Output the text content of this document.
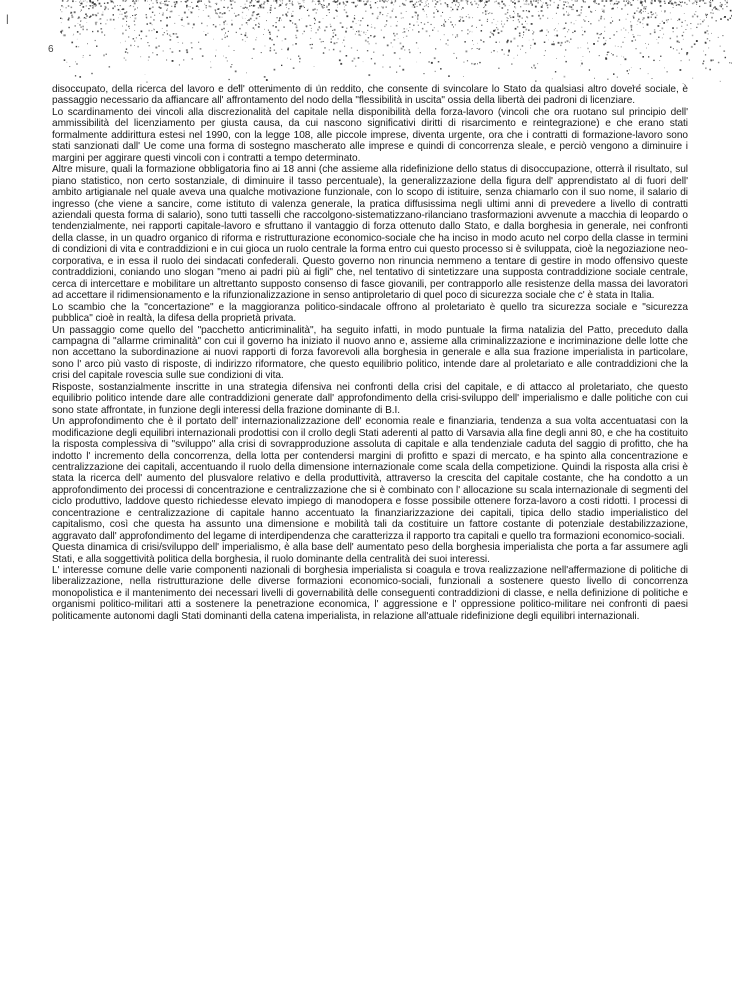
|
6

disoccupato, della ricerca del lavoro e dell' ottenimento di un reddito, che consente di svincolare lo Stato da qualsiasi altro dovere sociale, è passaggio necessario da affiancare all' affrontamento del nodo della "flessibilità in uscita" ossia della libertà dei padroni di licenziare.

Lo scardinamento dei vincoli alla discrezionalità del capitale nella disponibilità della forza-lavoro (vincoli che ora ruotano sul principio dell' ammissibilità del licenziamento per giusta causa, da cui nascono significativi diritti di risarcimento e reintegrazione) e che erano stati formalmente addirittura estesi nel 1990, con la legge 108, alle piccole imprese, diventa urgente, ora che i contratti di formazione-lavoro sono stati sanzionati dall' Ue come una forma di sostegno mascherato alle imprese e quindi di concorrenza sleale, e perciò vengono a diminuire i margini per aggirare questi vincoli con i contratti a tempo determinato.

Altre misure, quali la formazione obbligatoria fino ai 18 anni (che assieme alla ridefinizione dello status di disoccupazione, otterrà il risultato, sul piano statistico, non certo sostanziale, di diminuire il tasso percentuale), la generalizzazione della figura dell' apprendistato al di fuori dell' ambito artigianale nel quale aveva una qualche motivazione funzionale, con lo scopo di istituire, senza chiamarlo con il suo nome, il salario di ingresso (che viene a sancire, come istituto di valenza generale, la pratica diffusissima negli ultimi anni di prevedere a livello di contratti aziendali questa forma di salario), sono tutti tasselli che raccolgono-sistematizzano-rilanciano trasformazioni avvenute a macchia di leopardo o tendenzialmente, nei rapporti capitale-lavoro e sfruttano il vantaggio di forza ottenuto dallo Stato, e dalla borghesia in generale, nei confronti della classe, in un quadro organico di riforma e ristrutturazione economico-sociale che ha inciso in modo acuto nel corpo della classe in termini di condizioni di vita e contraddizioni e in cui gioca un ruolo centrale la forma entro cui questo processo si è sviluppata, cioè la negoziazione neo-corporativa, e in essa il ruolo dei sindacati confederali. Questo governo non rinuncia nemmeno a tentare di gestire in modo offensivo queste contraddizioni, coniando uno slogan "meno ai padri più ai figli" che, nel tentativo di sintetizzare una supposta contraddizione sociale centrale, cerca di intercettare e mobilitare un altrettanto supposto consenso di fasce giovanili, per contrapporlo alle resistenze della massa dei lavoratori ad accettare il ridimensionamento e la rifunzionalizzazione in senso antiproletario di quel poco di sicurezza sociale che c' è stata in Italia.

Lo scambio che la "concertazione" e la maggioranza politico-sindacale offrono al proletariato è quello tra sicurezza sociale e "sicurezza pubblica" cioè in realtà, la difesa della proprietà privata.

Un passaggio come quello del "pacchetto anticriminalità", ha seguito infatti, in modo puntuale la firma natalizia del Patto, preceduto dalla campagna di "allarme criminalità" con cui il governo ha iniziato il nuovo anno e, assieme alla criminalizzazione e incriminazione delle lotte che non accettano la subordinazione ai nuovi rapporti di forza favorevoli alla borghesia in generale e alla sua frazione imperialista in particolare, sono l' arco più vasto di risposte, di indirizzo riformatore, che questo equilibrio politico, intende dare al proletariato e alle contraddizioni che la crisi del capitale rovescia sulle sue condizioni di vita.

Risposte, sostanzialmente inscritte in una strategia difensiva nei confronti della crisi del capitale, e di attacco al proletariato, che questo equilibrio politico intende dare alle contraddizioni generate dall' approfondimento della crisi-sviluppo dell' imperialismo e dalle politiche con cui sono state affrontate, in funzione degli interessi della frazione dominante di B.I.

Un approfondimento che è il portato dell' internazionalizzazione dell' economia reale e finanziaria, tendenza a sua volta accentuatasi con la modificazione degli equilibri internazionali prodottisi con il crollo degli Stati aderenti al patto di Varsavia alla fine degli anni 80, e che ha costituito la risposta complessiva di "sviluppo" alla crisi di sovrapproduzione assoluta di capitale e alla tendenziale caduta del saggio di profitto, che ha indotto l' incremento della concorrenza, della lotta per contendersi margini di profitto e spazi di mercato, e ha spinto alla concentrazione e centralizzazione dei capitali, accentuando il ruolo della dimensione internazionale come scala della competizione. Quindi la risposta alla crisi è stata la ricerca dell' aumento del plusvalore relativo e della produttività, attraverso la crescita del capitale costante, che ha condotto a un approfondimento dei processi di concentrazione e centralizzazione che si è combinato con l' allocazione su scala internazionale di segmenti del ciclo produttivo, laddove questo richiedesse elevato impiego di manodopera e fosse possibile ottenere forza-lavoro a costi ridotti. I processi di concentrazione e centralizzazione di capitale hanno accentuato la finanziarizzazione dei capitali, tipica dello stadio imperialistico del capitalismo, così che questa ha assunto una dimensione e mobilità tali da costituire un fattore costante di potenziale destabilizzazione, aggravato dall' approfondimento del legame di interdipendenza che caratterizza il rapporto tra capitali e quello tra formazioni economico-sociali.

Questa dinamica di crisi/sviluppo dell' imperialismo, è alla base dell' aumentato peso della borghesia imperialista che porta a far assumere agli Stati, e alla soggettività politica della borghesia, il ruolo dominante della centralità dei suoi interessi.

L' interesse comune delle varie componenti nazionali di borghesia imperialista si coagula e trova realizzazione nell'affermazione di politiche di liberalizzazione, nella ristrutturazione delle diverse formazioni economico-sociali, funzionali a sostenere questo livello di concorrenza monopolistica e il mantenimento dei necessari livelli di governabilità delle conseguenti contraddizioni di classe, e nella definizione di politiche e organismi politico-militari atti a sostenere la penetrazione economica, l' aggressione e l' oppressione politico-militare nei confronti di paesi politicamente autonomi dagli Stati dominanti della catena imperialista, in relazione all'attuale ridefinizione degli equilibri internazionali.
